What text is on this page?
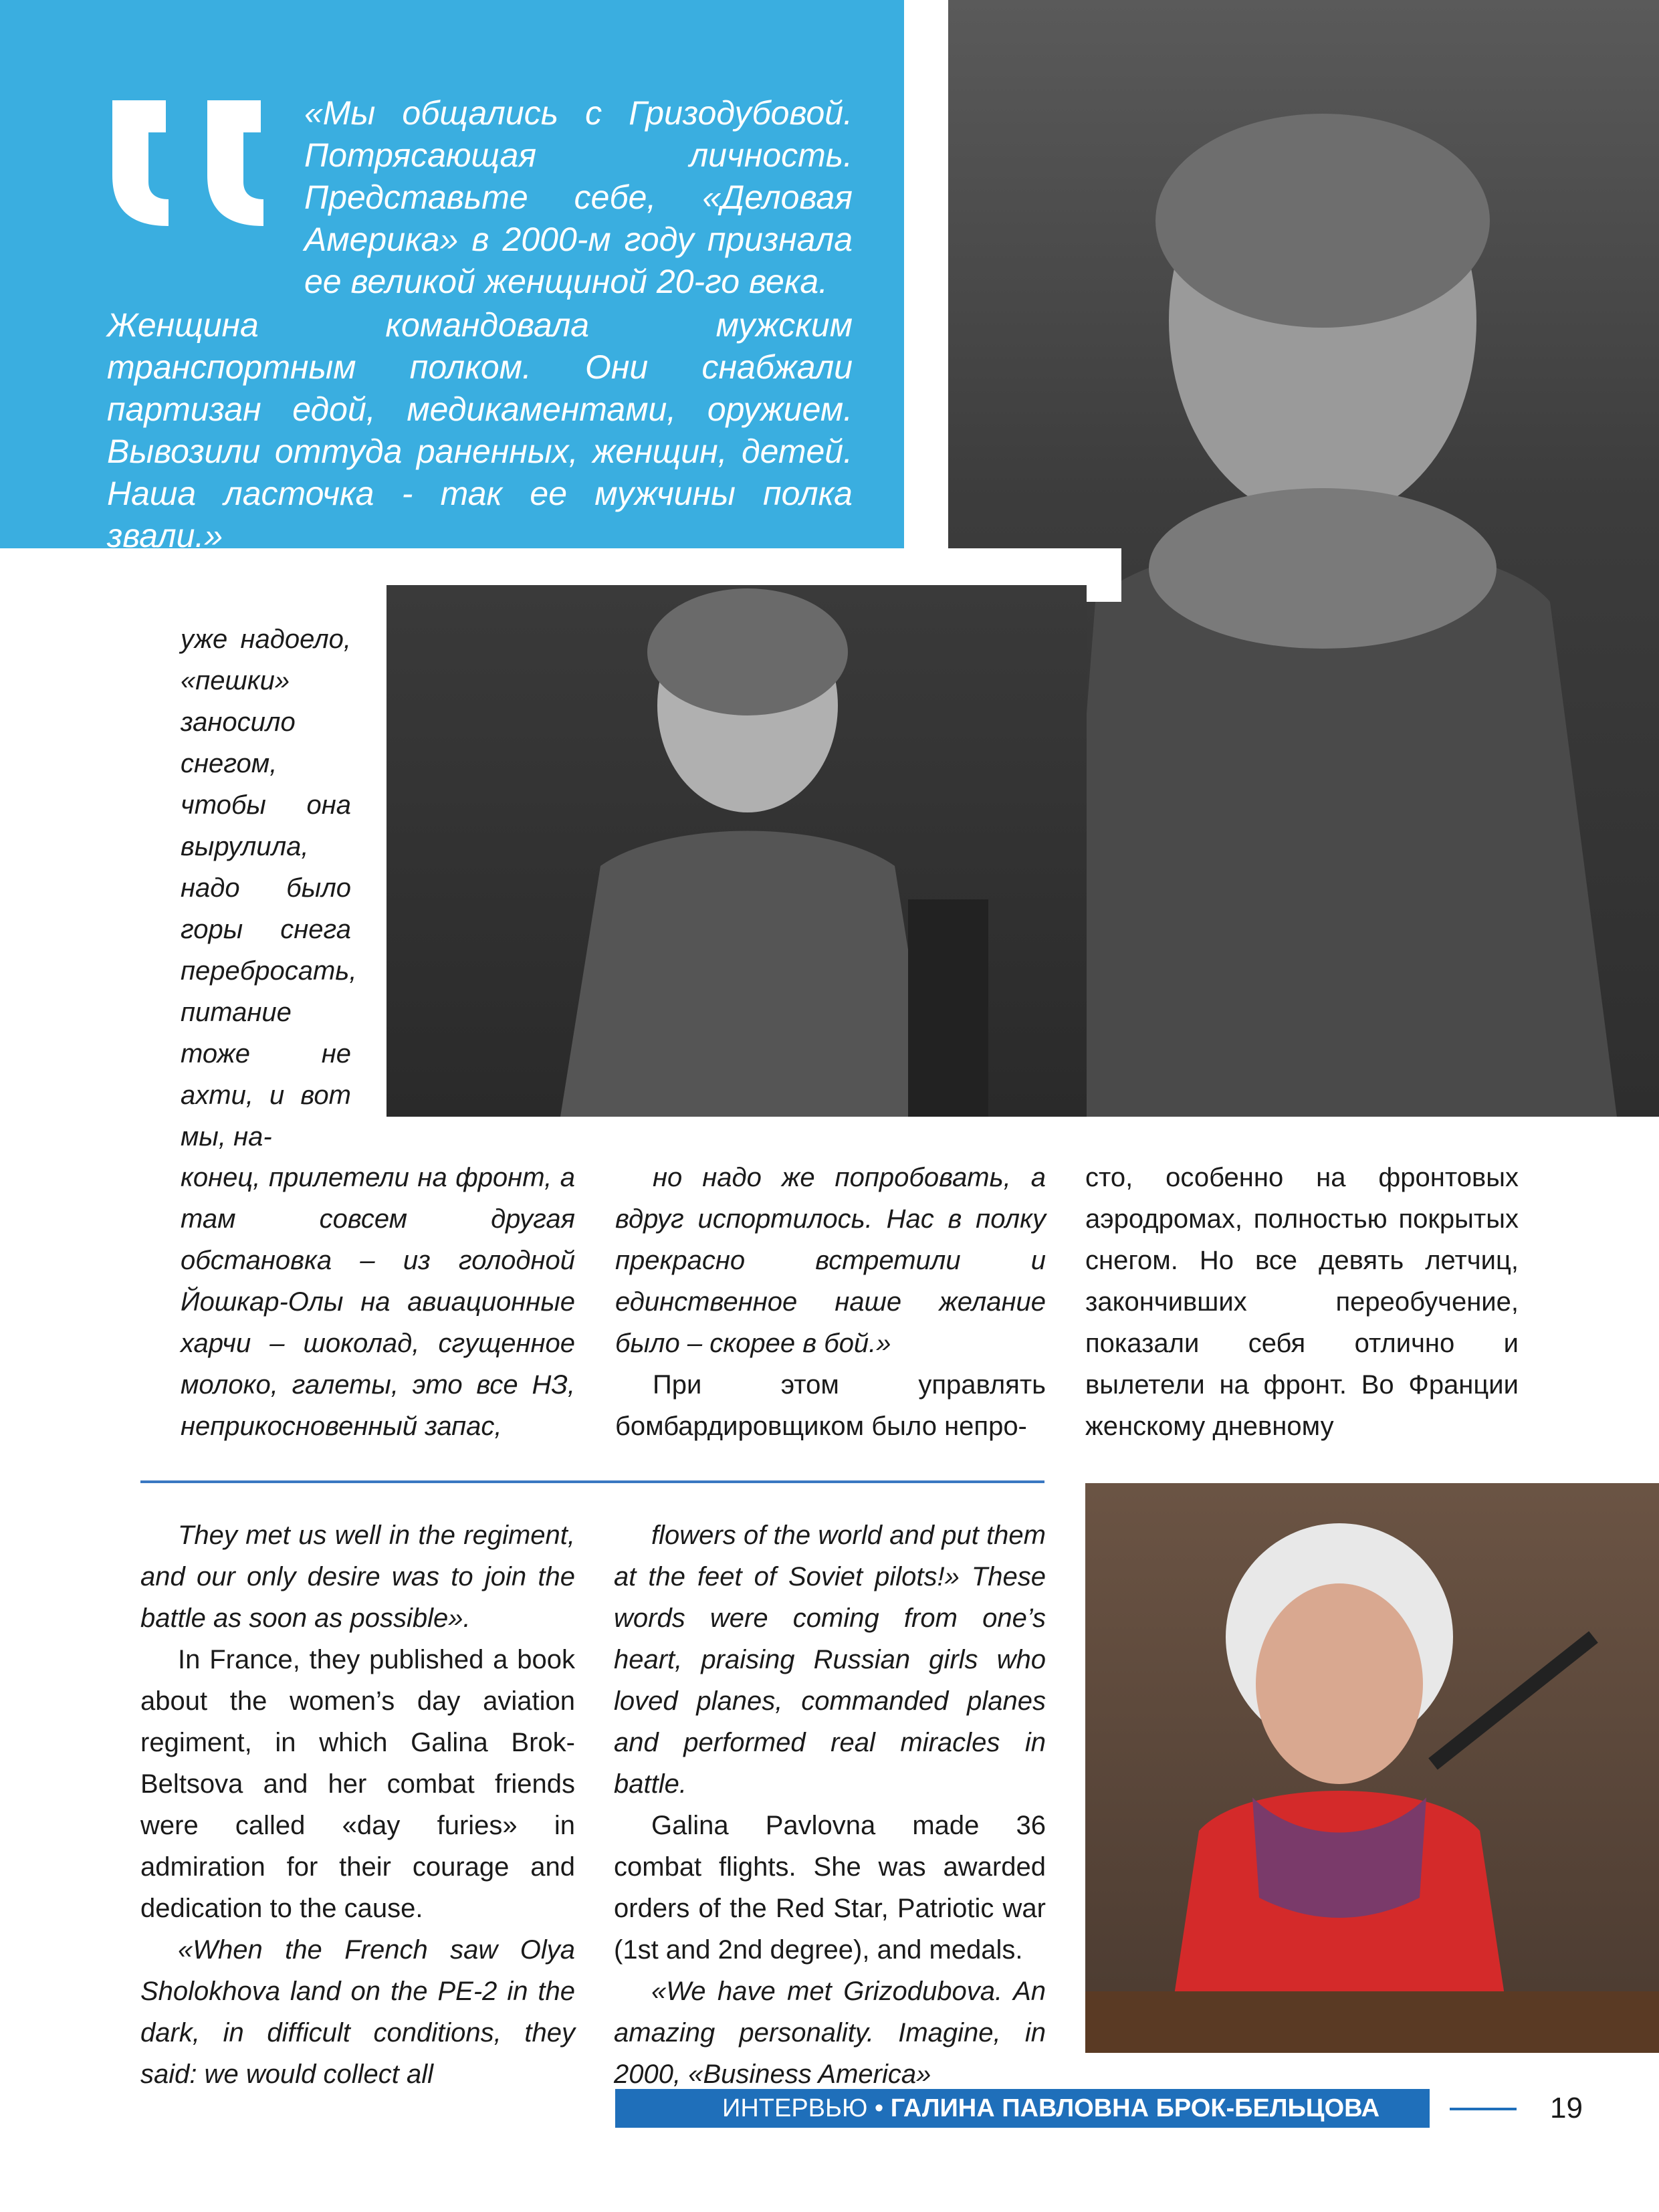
«Мы общались с Гризодубовой. Потрясающая личность. Представьте себе, «Деловая Америка» в 2000-м году признала ее великой женщиной 20-го века.

Женщина командовала мужским транспортным полком. Они снабжали партизан едой, медикаментами, оружием. Вывозили оттуда раненных, женщин, детей. Наша ласточка - так ее мужчины полка звали.»

уже надоело, «пешки» заносило снегом, чтобы она вырулила, надо было горы снега перебросать, питание тоже не ахти, и вот мы, на-

конец, прилетели на фронт, а там совсем другая обстановка – из голодной Йошкар-Олы на авиационные харчи – шоколад, сгущенное молоко, галеты, это все НЗ, неприкосновенный запас,

но надо же попробовать, а вдруг испортилось. Нас в полку прекрасно встретили и единственное наше желание было – скорее в бой.»

При этом управлять бомбардировщиком было непро-

сто, особенно на фронтовых аэродромах, полностью покрытых снегом. Но все девять летчиц, закончивших переобучение, показали себя отлично и вылетели на фронт. Во Франции женскому дневному

They met us well in the regiment, and our only desire was to join the battle as soon as possible».

In France, they published a book about the women’s day aviation regiment, in which Galina Brok-Beltsova and her combat friends were called «day furies» in admiration for their courage and dedication to the cause.

«When the French saw Olya Sholokhova land on the PE-2 in the dark, in difficult conditions, they said: we would collect all

flowers of the world and put them at the feet of Soviet pilots!» These words were coming from one’s heart, praising Russian girls who loved planes, commanded planes and performed real miracles in battle.

Galina Pavlovna made 36 combat flights. She was awarded orders of the Red Star, Patriotic war (1st and 2nd degree), and medals.

«We have met Grizodubova. An amazing personality. Imagine, in 2000, «Business America»

ИНТЕРВЬЮ • ГАЛИНА ПАВЛОВНА БРОК-БЕЛЬЦОВА	19
